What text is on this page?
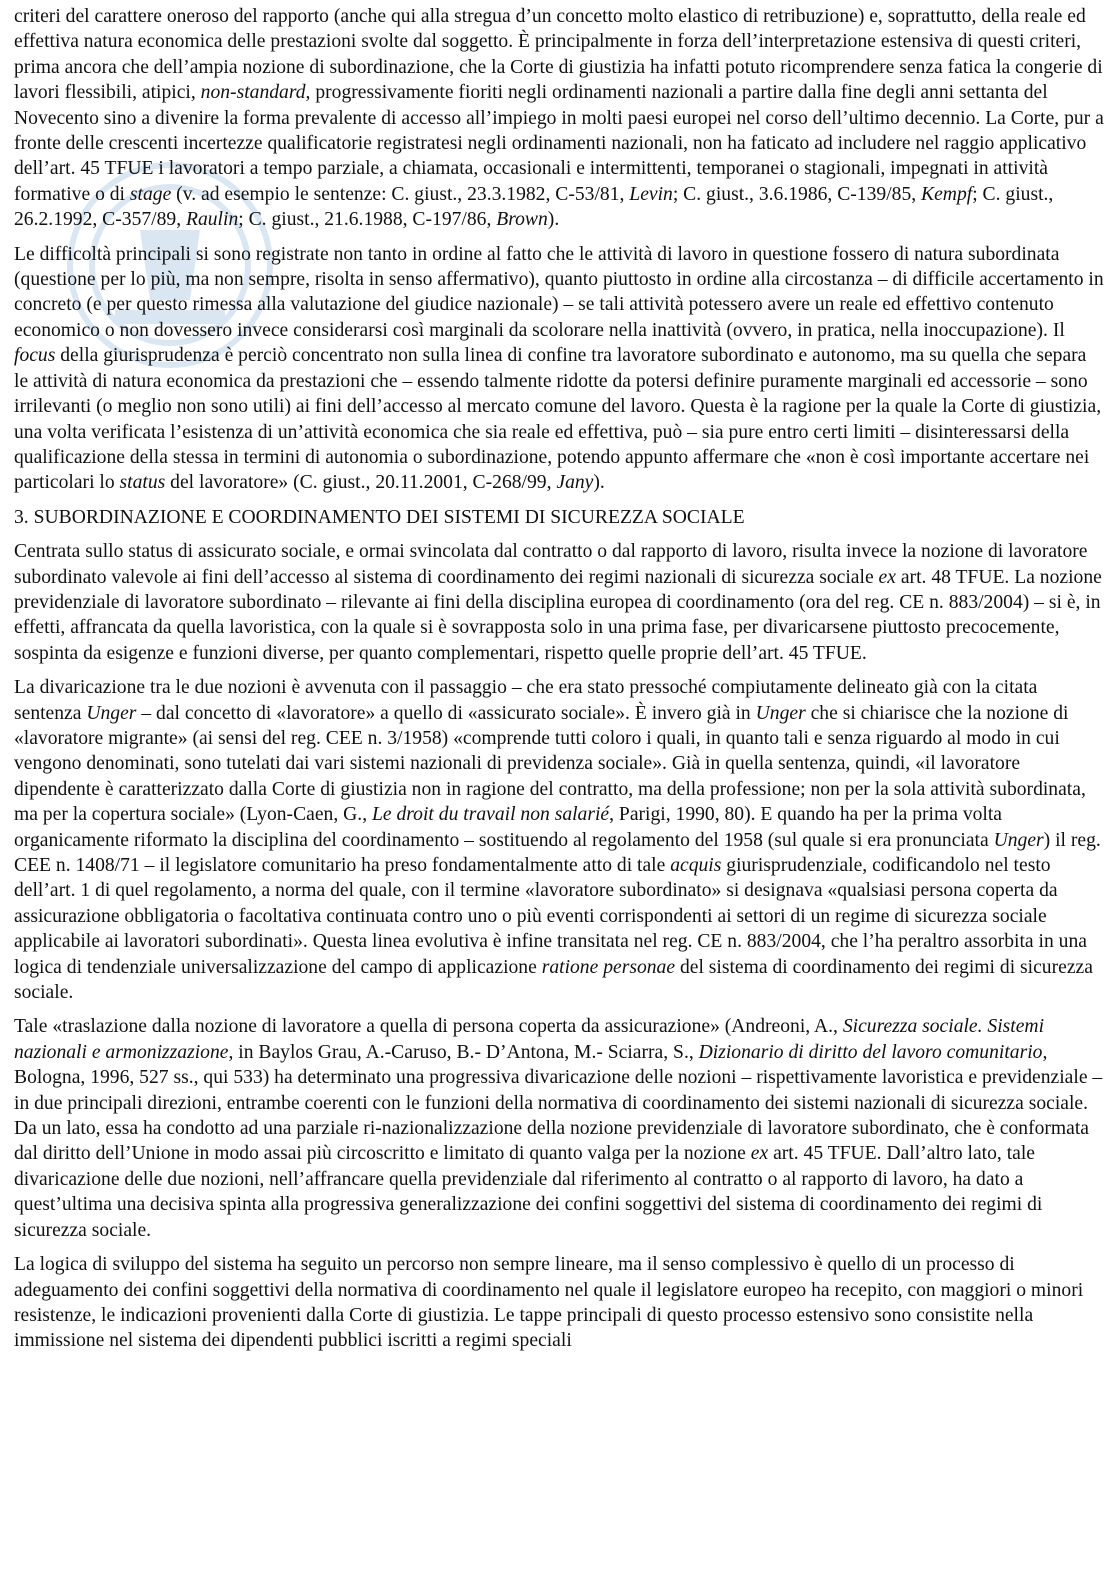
criteri del carattere oneroso del rapporto (anche qui alla stregua d’un concetto molto elastico di retribuzione) e, soprattutto, della reale ed effettiva natura economica delle prestazioni svolte dal soggetto. È principalmente in forza dell’interpretazione estensiva di questi criteri, prima ancora che dell’ampia nozione di subordinazione, che la Corte di giustizia ha infatti potuto ricomprendere senza fatica la congerie di lavori flessibili, atipici, non-standard, progressivamente fioriti negli ordinamenti nazionali a partire dalla fine degli anni settanta del Novecento sino a divenire la forma prevalente di accesso all’impiego in molti paesi europei nel corso dell’ultimo decennio. La Corte, pur a fronte delle crescenti incertezze qualificatorie registratesi negli ordinamenti nazionali, non ha faticato ad includere nel raggio applicativo dell’art. 45 TFUE i lavoratori a tempo parziale, a chiamata, occasionali e intermittenti, temporanei o stagionali, impegnati in attività formative o di stage (v. ad esempio le sentenze: C. giust., 23.3.1982, C-53/81, Levin; C. giust., 3.6.1986, C-139/85, Kempf; C. giust., 26.2.1992, C-357/89, Raulin; C. giust., 21.6.1988, C-197/86, Brown).

Le difficoltà principali si sono registrate non tanto in ordine al fatto che le attività di lavoro in questione fossero di natura subordinata (questione per lo più, ma non sempre, risolta in senso affermativo), quanto piuttosto in ordine alla circostanza – di difficile accertamento in concreto (e per questo rimessa alla valutazione del giudice nazionale) – se tali attività potessero avere un reale ed effettivo contenuto economico o non dovessero invece considerarsi così marginali da scolorare nella inattività (ovvero, in pratica, nella inoccupazione). Il focus della giurisprudenza è perciò concentrato non sulla linea di confine tra lavoratore subordinato e autonomo, ma su quella che separa le attività di natura economica da prestazioni che – essendo talmente ridotte da potersi definire puramente marginali ed accessorie – sono irrilevanti (o meglio non sono utili) ai fini dell’accesso al mercato comune del lavoro. Questa è la ragione per la quale la Corte di giustizia, una volta verificata l’esistenza di un’attività economica che sia reale ed effettiva, può – sia pure entro certi limiti – disinteressarsi della qualificazione della stessa in termini di autonomia o subordinazione, potendo appunto affermare che «non è così importante accertare nei particolari lo status del lavoratore» (C. giust., 20.11.2001, C-268/99, Jany).

3. SUBORDINAZIONE E COORDINAMENTO DEI SISTEMI DI SICUREZZA SOCIALE

Centrata sullo status di assicurato sociale, e ormai svincolata dal contratto o dal rapporto di lavoro, risulta invece la nozione di lavoratore subordinato valevole ai fini dell’accesso al sistema di coordinamento dei regimi nazionali di sicurezza sociale ex art. 48 TFUE. La nozione previdenziale di lavoratore subordinato – rilevante ai fini della disciplina europea di coordinamento (ora del reg. CE n. 883/2004) – si è, in effetti, affrancata da quella lavoristica, con la quale si è sovrapposta solo in una prima fase, per divaricarsene piuttosto precocemente, sospinta da esigenze e funzioni diverse, per quanto complementari, rispetto quelle proprie dell’art. 45 TFUE.

La divaricazione tra le due nozioni è avvenuta con il passaggio – che era stato pressoché compiutamente delineato già con la citata sentenza Unger – dal concetto di «lavoratore» a quello di «assicurato sociale». È invero già in Unger che si chiarisce che la nozione di «lavoratore migrante» (ai sensi del reg. CEE n. 3/1958) «comprende tutti coloro i quali, in quanto tali e senza riguardo al modo in cui vengono denominati, sono tutelati dai vari sistemi nazionali di previdenza sociale». Già in quella sentenza, quindi, «il lavoratore dipendente è caratterizzato dalla Corte di giustizia non in ragione del contratto, ma della professione; non per la sola attività subordinata, ma per la copertura sociale» (Lyon-Caen, G., Le droit du travail non salarié, Parigi, 1990, 80). E quando ha per la prima volta organicamente riformato la disciplina del coordinamento – sostituendo al regolamento del 1958 (sul quale si era pronunciata Unger) il reg. CEE n. 1408/71 – il legislatore comunitario ha preso fondamentalmente atto di tale acquis giurisprudenziale, codificandolo nel testo dell’art. 1 di quel regolamento, a norma del quale, con il termine «lavoratore subordinato» si designava «qualsiasi persona coperta da assicurazione obbligatoria o facoltativa continuata contro uno o più eventi corrispondenti ai settori di un regime di sicurezza sociale applicabile ai lavoratori subordinati». Questa linea evolutiva è infine transitata nel reg. CE n. 883/2004, che l’ha peraltro assorbita in una logica di tendenziale universalizzazione del campo di applicazione ratione personae del sistema di coordinamento dei regimi di sicurezza sociale.

Tale «traslazione dalla nozione di lavoratore a quella di persona coperta da assicurazione» (Andreoni, A., Sicurezza sociale. Sistemi nazionali e armonizzazione, in Baylos Grau, A.-Caruso, B.- D’Antona, M.- Sciarra, S., Dizionario di diritto del lavoro comunitario, Bologna, 1996, 527 ss., qui 533) ha determinato una progressiva divaricazione delle nozioni – rispettivamente lavoristica e previdenziale – in due principali direzioni, entrambe coerenti con le funzioni della normativa di coordinamento dei sistemi nazionali di sicurezza sociale. Da un lato, essa ha condotto ad una parziale ri-nazionalizzazione della nozione previdenziale di lavoratore subordinato, che è conformata dal diritto dell’Unione in modo assai più circoscritto e limitato di quanto valga per la nozione ex art. 45 TFUE. Dall’altro lato, tale divaricazione delle due nozioni, nell’affrancare quella previdenziale dal riferimento al contratto o al rapporto di lavoro, ha dato a quest’ultima una decisiva spinta alla progressiva generalizzazione dei confini soggettivi del sistema di coordinamento dei regimi di sicurezza sociale.

La logica di sviluppo del sistema ha seguito un percorso non sempre lineare, ma il senso complessivo è quello di un processo di adeguamento dei confini soggettivi della normativa di coordinamento nel quale il legislatore europeo ha recepito, con maggiori o minori resistenze, le indicazioni provenienti dalla Corte di giustizia. Le tappe principali di questo processo estensivo sono consistite nella immissione nel sistema dei dipendenti pubblici iscritti a regimi speciali
